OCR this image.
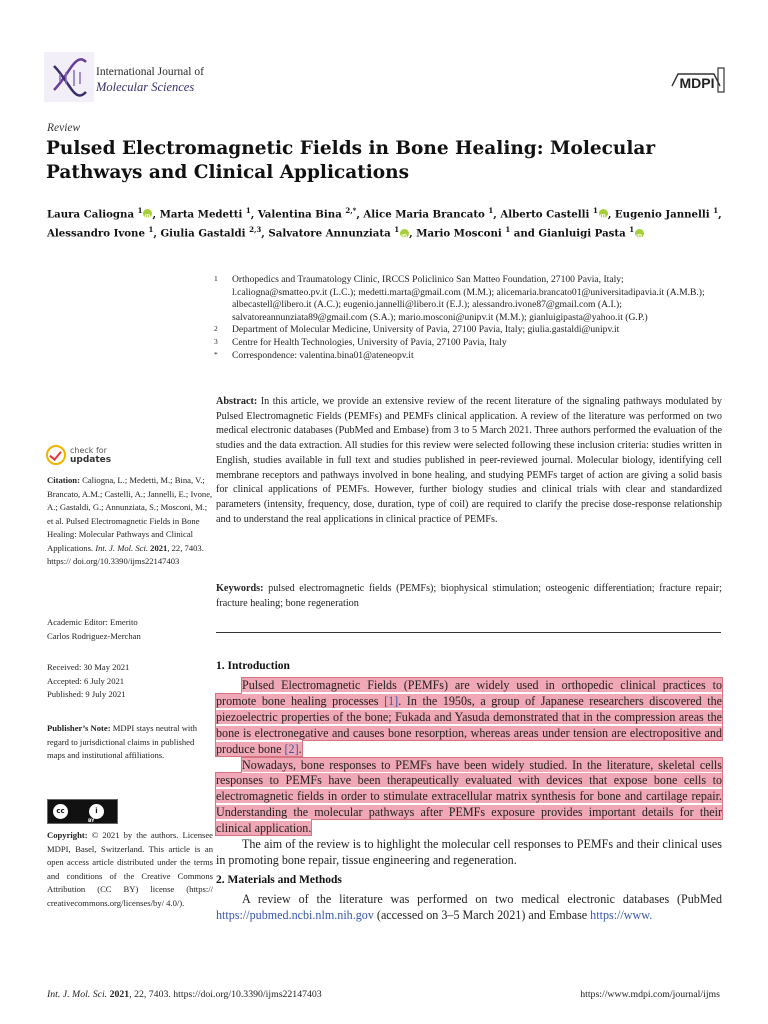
International Journal of
Molecular Sciences	MDPI
Review
Pulsed Electromagnetic Fields in Bone Healing: Molecular Pathways and Clinical Applications
Laura Caliogna $^1$ iD , Marta Medetti $^1$, Valentina Bina $^{2,*}$, Alice Maria Brancato $^1$, Alberto Castelli $^1$ iD , Eugenio Jannelli $^1$, Alessandro Ivone $^1$, Giulia Gastaldi $^{2,3}$, Salvatore Annunziata $^1$ iD , Mario Mosconi $^1$ and Gianluigi Pasta $^1$iD
1	Orthopedics and Traumatology Clinic, IRCCS Policlinico San Matteo Foundation, 27100 Pavia, Italy; l.caliogna@smatteo.pv.it (L.C.); medetti.marta@gmail.com (M.M.); alicemaria.brancato01@universitadipavia.it (A.M.B.); albecastell@libero.it (A.C.); eugenio.jannelli@libero.it (E.J.); alessandro.ivone87@gmail.com (A.I.); salvatoreannunziata89@gmail.com (S.A.); mario.mosconi@unipv.it (M.M.); gianluigipasta@yahoo.it (G.P.)
2	Department of Molecular Medicine, University of Pavia, 27100 Pavia, Italy; giulia.gastaldi@unipv.it
3	Centre for Health Technologies, University of Pavia, 27100 Pavia, Italy
*	Correspondence: valentina.bina01@ateneopv.it
Abstract: In this article, we provide an extensive review of the recent literature of the signaling pathways modulated by Pulsed Electromagnetic Fields (PEMFs) and PEMFs clinical application. A review of the literature was performed on two medical electronic databases (PubMed and Embase) from 3 to 5 March 2021. Three authors performed the evaluation of the studies and the data extraction. All studies for this review were selected following these inclusion criteria: studies written in English, studies available in full text and studies published in peer-reviewed journal. Molecular biology, identifying cell membrane receptors and pathways involved in bone healing, and studying PEMFs target of action are giving a solid basis for clinical applications of PEMFs. However, further biology studies and clinical trials with clear and standardized parameters (intensity, frequency, dose, duration, type of coil) are required to clarify the precise dose-response relationship and to understand the real applications in clinical practice of PEMFs.
Keywords: pulsed electromagnetic fields (PEMFs); biophysical stimulation; osteogenic differentiation; fracture repair; fracture healing; bone regeneration
check for
updates
Citation: Caliogna, L.; Medetti, M.; Bina, V.; Brancato, A.M.; Castelli, A.; Jannelli, E.; Ivone, A.; Gastaldi, G.; Annunziata, S.; Mosconi, M.; et al. Pulsed Electromagnetic Fields in Bone Healing: Molecular Pathways and Clinical Applications. Int. J. Mol. Sci. 2021, 22, 7403. https:// doi.org/10.3390/ijms22147403
Academic Editor: Emerito
Carlos Rodriguez-Merchan
Received: 30 May 2021
Accepted: 6 July 2021
Published: 9 July 2021
Publisher’s Note: MDPI stays neutral with regard to jurisdictional claims in published maps and institutional affiliations.
cc	i
BY
Copyright: © 2021 by the authors. Licensee MDPI, Basel, Switzerland. This article is an open access article distributed under the terms and conditions of the Creative Commons Attribution (CC BY) license (https:// creativecommons.org/licenses/by/ 4.0/).
1. Introduction
Pulsed Electromagnetic Fields (PEMFs) are widely used in orthopedic clinical practices to promote bone healing processes [1]. In the 1950s, a group of Japanese researchers discovered the piezoelectric properties of the bone; Fukada and Yasuda demonstrated that in the compression areas the bone is electronegative and causes bone resorption, whereas areas under tension are electropositive and produce bone [2].
Nowadays, bone responses to PEMFs have been widely studied. In the literature, skeletal cells responses to PEMFs have been therapeutically evaluated with devices that expose bone cells to electromagnetic fields in order to stimulate extracellular matrix synthesis for bone and cartilage repair. Understanding the molecular pathways after PEMFs exposure provides important details for their clinical application.
The aim of the review is to highlight the molecular cell responses to PEMFs and their clinical uses in promoting bone repair, tissue engineering and regeneration.
2. Materials and Methods
A review of the literature was performed on two medical electronic databases (PubMed https://pubmed.ncbi.nlm.nih.gov (accessed on 3–5 March 2021) and Embase https://www.
Int. J. Mol. Sci. 2021, 22, 7403. https://doi.org/10.3390/ijms22147403	https://www.mdpi.com/journal/ijms
